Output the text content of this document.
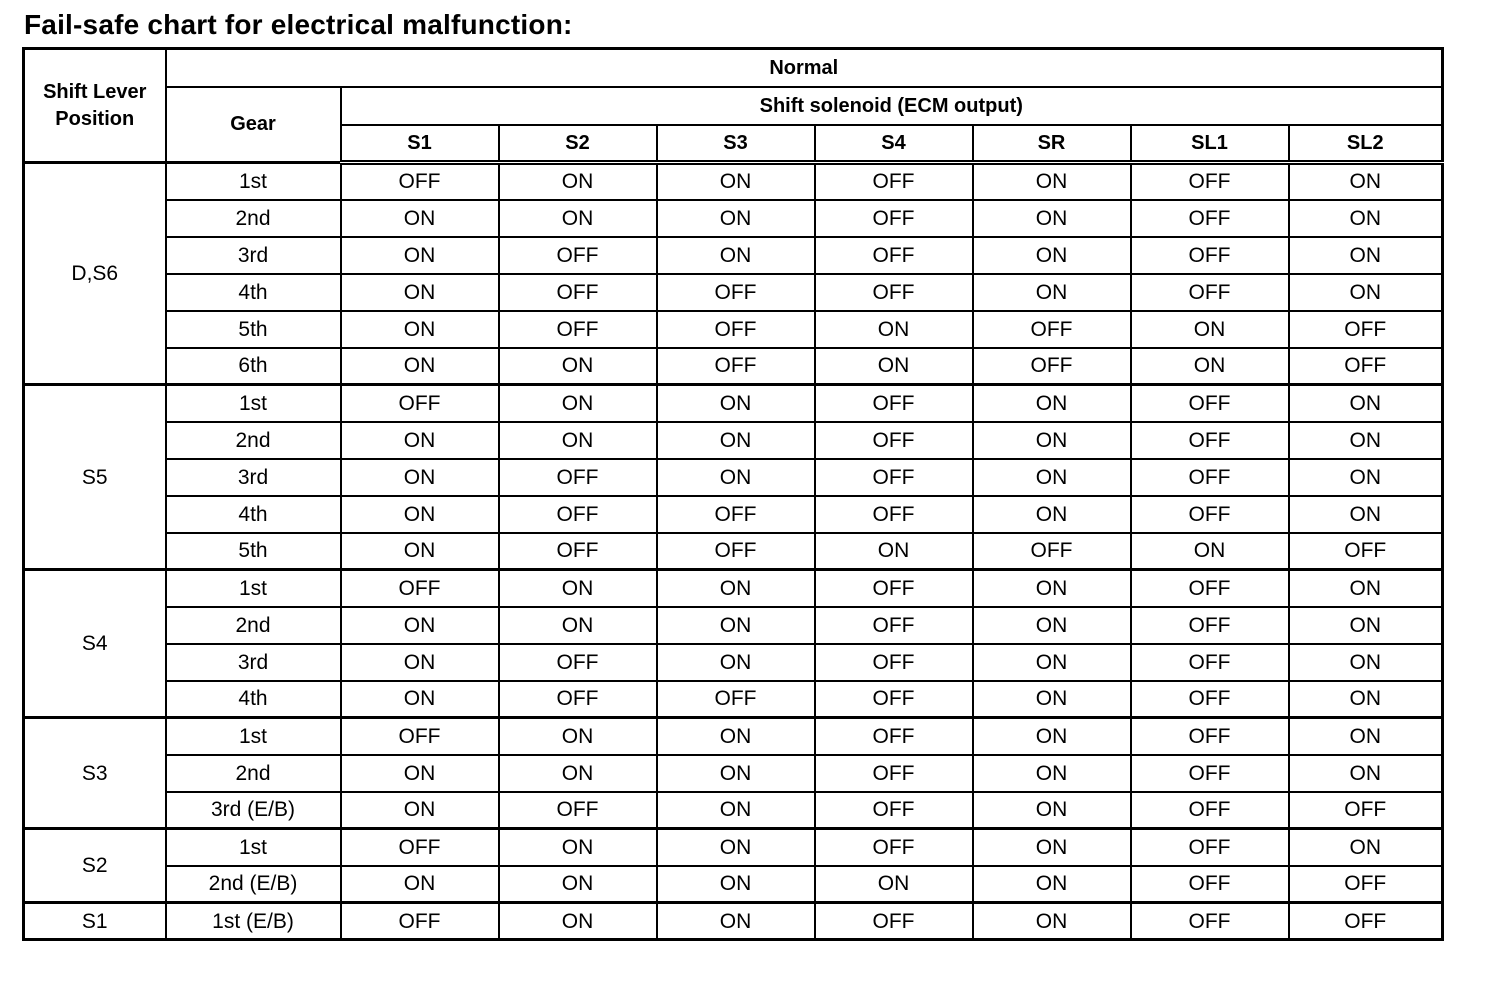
Fail-safe chart for electrical malfunction:
Shift Lever Position	Normal							
	Gear	Shift solenoid (ECM output)						
		S1	S2	S3	S4	SR	SL1	SL2
D,S6	1st	OFF	ON	ON	OFF	ON	OFF	ON
	2nd	ON	ON	ON	OFF	ON	OFF	ON
	3rd	ON	OFF	ON	OFF	ON	OFF	ON
	4th	ON	OFF	OFF	OFF	ON	OFF	ON
	5th	ON	OFF	OFF	ON	OFF	ON	OFF
	6th	ON	ON	OFF	ON	OFF	ON	OFF
S5	1st	OFF	ON	ON	OFF	ON	OFF	ON
	2nd	ON	ON	ON	OFF	ON	OFF	ON
	3rd	ON	OFF	ON	OFF	ON	OFF	ON
	4th	ON	OFF	OFF	OFF	ON	OFF	ON
	5th	ON	OFF	OFF	ON	OFF	ON	OFF
S4	1st	OFF	ON	ON	OFF	ON	OFF	ON
	2nd	ON	ON	ON	OFF	ON	OFF	ON
	3rd	ON	OFF	ON	OFF	ON	OFF	ON
	4th	ON	OFF	OFF	OFF	ON	OFF	ON
S3	1st	OFF	ON	ON	OFF	ON	OFF	ON
	2nd	ON	ON	ON	OFF	ON	OFF	ON
	3rd (E/B)	ON	OFF	ON	OFF	ON	OFF	OFF
S2	1st	OFF	ON	ON	OFF	ON	OFF	ON
	2nd (E/B)	ON	ON	ON	ON	ON	OFF	OFF
S1	1st (E/B)	OFF	ON	ON	OFF	ON	OFF	OFF
